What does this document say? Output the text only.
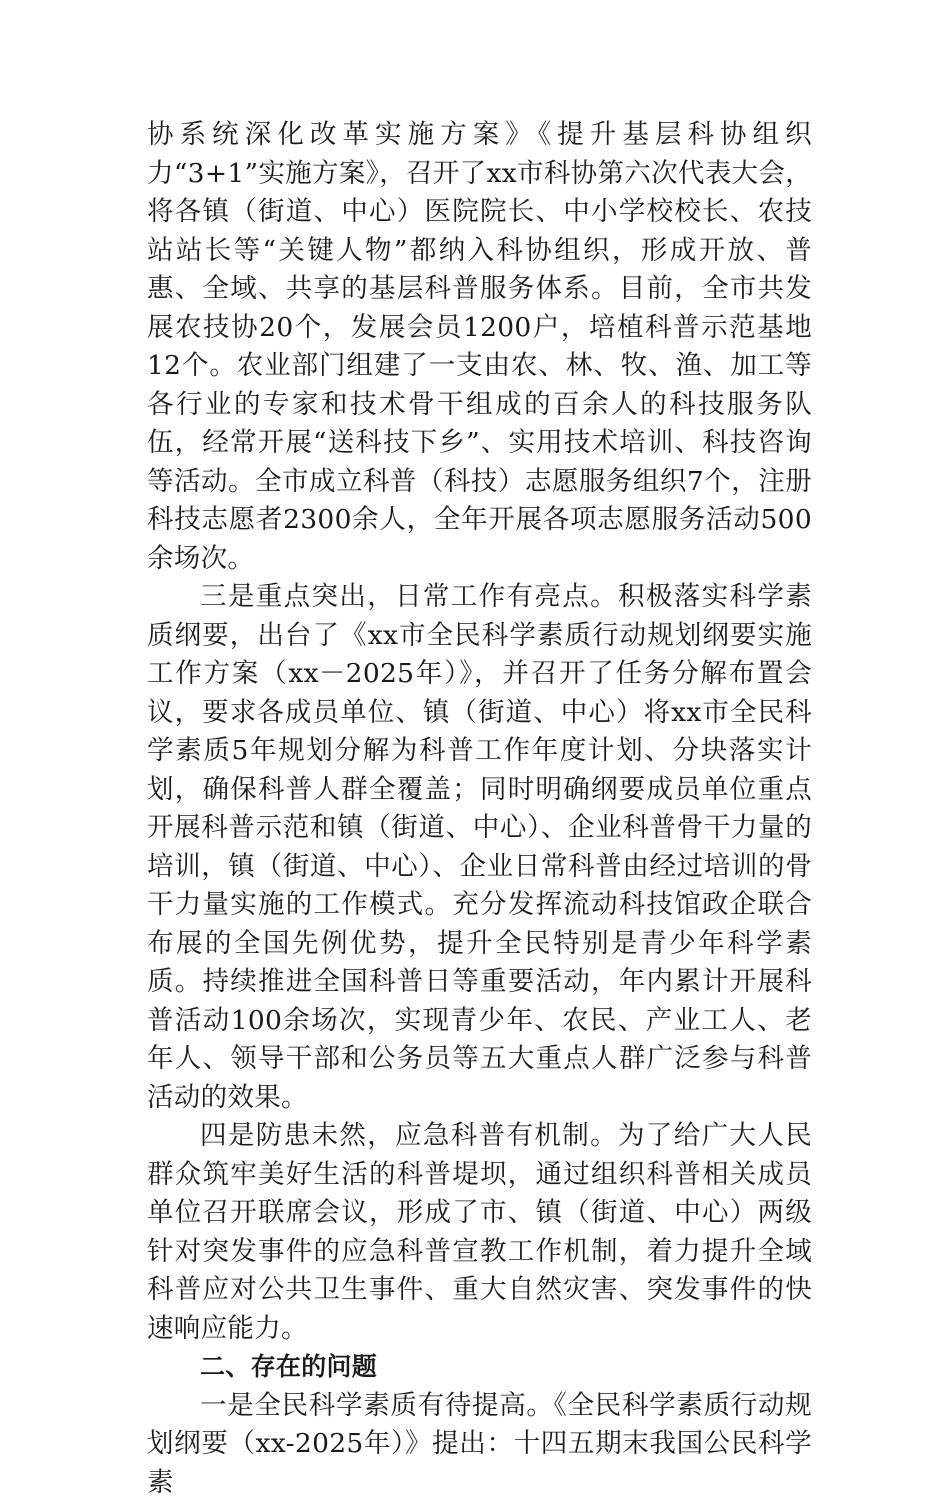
协系统深化改革实施方案》《提升基层科协组织力“3+1”实施方案》，召开了xx市科协第六次代表大会，将各镇（街道、中心）医院院长、中小学校校长、农技站站长等“关键人物”都纳入科协组织，形成开放、普惠、全域、共享的基层科普服务体系。目前，全市共发展农技协20个，发展会员1200户，培植科普示范基地12个。农业部门组建了一支由农、林、牧、渔、加工等各行业的专家和技术骨干组成的百余人的科技服务队伍，经常开展“送科技下乡”、实用技术培训、科技咨询等活动。全市成立科普（科技）志愿服务组织7个，注册科技志愿者2300余人，全年开展各项志愿服务活动500余场次。

三是重点突出，日常工作有亮点。积极落实科学素质纲要，出台了《xx市全民科学素质行动规划纲要实施工作方案（xx－2025年）》，并召开了任务分解布置会议，要求各成员单位、镇（街道、中心）将xx市全民科学素质5年规划分解为科普工作年度计划、分块落实计划，确保科普人群全覆盖；同时明确纲要成员单位重点开展科普示范和镇（街道、中心）、企业科普骨干力量的培训，镇（街道、中心）、企业日常科普由经过培训的骨干力量实施的工作模式。充分发挥流动科技馆政企联合布展的全国先例优势，提升全民特别是青少年科学素质。持续推进全国科普日等重要活动，年内累计开展科普活动100余场次，实现青少年、农民、产业工人、老年人、领导干部和公务员等五大重点人群广泛参与科普活动的效果。

四是防患未然，应急科普有机制。为了给广大人民群众筑牢美好生活的科普堤坝，通过组织科普相关成员单位召开联席会议，形成了市、镇（街道、中心）两级针对突发事件的应急科普宣教工作机制，着力提升全域科普应对公共卫生事件、重大自然灾害、突发事件的快速响应能力。

二、存在的问题

一是全民科学素质有待提高。《全民科学素质行动规划纲要（xx-2025年）》提出：十四五期末我国公民科学素
